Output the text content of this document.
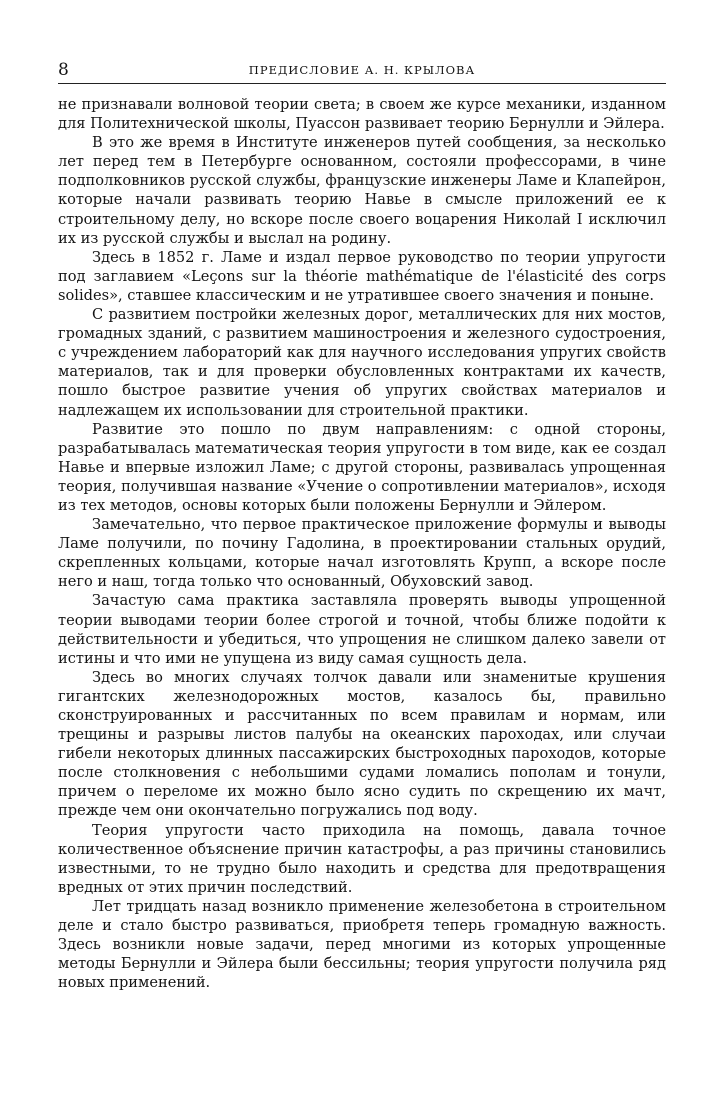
8	ПРЕДИСЛОВИЕ А. Н. КРЫЛОВА

не признавали волновой теории света; в своем же курсе механики, изданном для Политехнической школы, Пуассон развивает теорию Бернулли и Эйлера.

В это же время в Институте инженеров путей сообщения, за несколько лет перед тем в Петербурге основанном, состояли профессорами, в чине подполковников русской службы, французские инженеры Ламе и Клапейрон, которые начали развивать теорию Навье в смысле приложений ее к строительному делу, но вскоре после своего воцарения Николай I исключил их из русской службы и выслал на родину.

Здесь в 1852 г. Ламе и издал первое руководство по теории упругости под заглавием «Leçons sur la théorie mathématique de l'élasticité des corps solides», ставшее классическим и не утратившее своего значения и поныне.

С развитием постройки железных дорог, металлических для них мостов, громадных зданий, с развитием машиностроения и железного судостроения, с учреждением лабораторий как для научного исследования упругих свойств материалов, так и для проверки обусловленных контрактами их качеств, пошло быстрое развитие учения об упругих свойствах материалов и надлежащем их использовании для строительной практики.

Развитие это пошло по двум направлениям: с одной стороны, разрабатывалась математическая теория упругости в том виде, как ее создал Навье и впервые изложил Ламе; с другой стороны, развивалась упрощенная теория, получившая название «Учение о сопротивлении материалов», исходя из тех методов, основы которых были положены Бернулли и Эйлером.

Замечательно, что первое практическое приложение формулы и выводы Ламе получили, по почину Гадолина, в проектировании стальных орудий, скрепленных кольцами, которые начал изготовлять Крупп, а вскоре после него и наш, тогда только что основанный, Обуховский завод.

Зачастую сама практика заставляла проверять выводы упрощенной теории выводами теории более строгой и точной, чтобы ближе подойти к действительности и убедиться, что упрощения не слишком далеко завели от истины и что ими не упущена из виду самая сущность дела.

Здесь во многих случаях толчок давали или знаменитые крушения гигантских железнодорожных мостов, казалось бы, правильно сконструированных и рассчитанных по всем правилам и нормам, или трещины и разрывы листов палубы на океанских пароходах, или случаи гибели некоторых длинных пассажирских быстроходных пароходов, которые после столкновения с небольшими судами ломались пополам и тонули, причем о переломе их можно было ясно судить по скрещению их мачт, прежде чем они окончательно погружались под воду.

Теория упругости часто приходила на помощь, давала точное количественное объяснение причин катастрофы, а раз причины становились известными, то не трудно было находить и средства для предотвращения вредных от этих причин последствий.

Лет тридцать назад возникло применение железобетона в строительном деле и стало быстро развиваться, приобретя теперь громадную важность. Здесь возникли новые задачи, перед многими из которых упрощенные методы Бернулли и Эйлера были бессильны; теория упругости получила ряд новых применений.
